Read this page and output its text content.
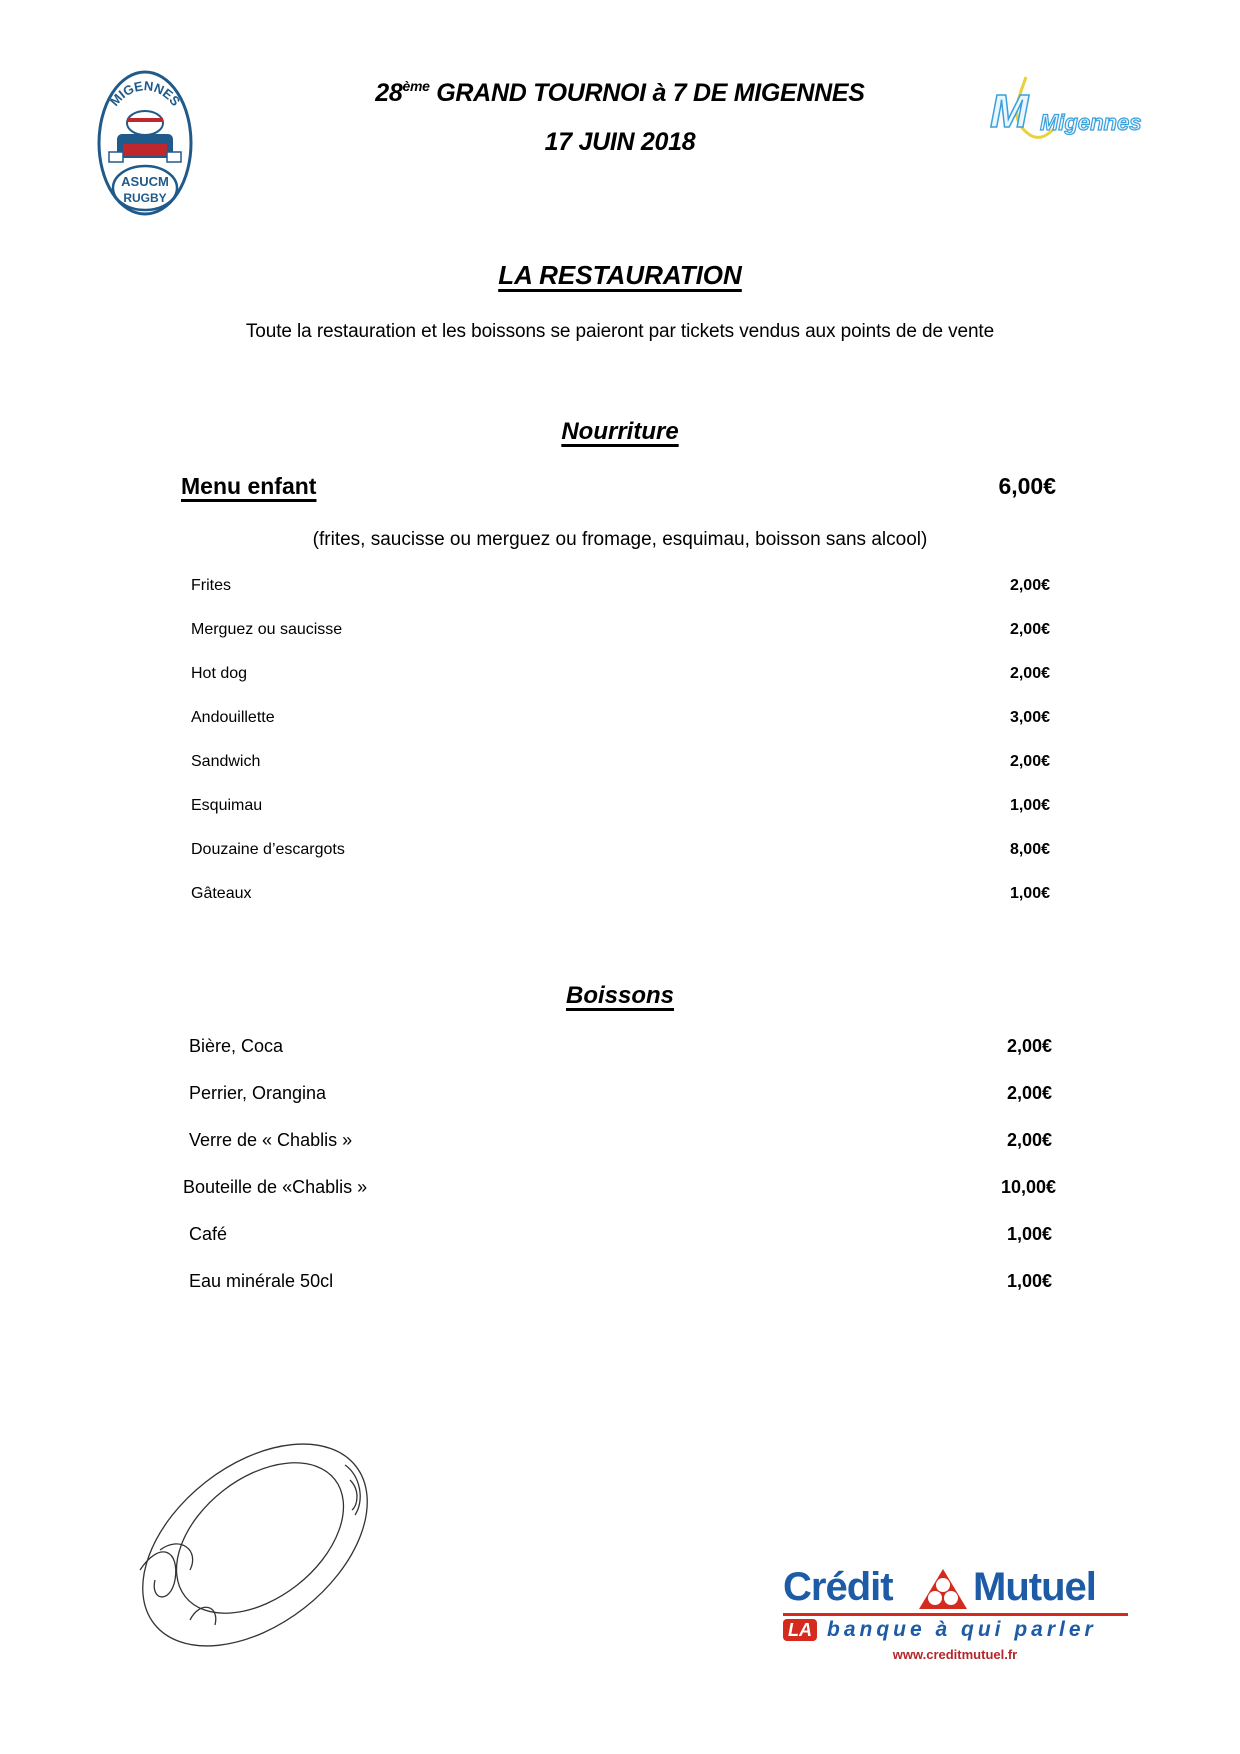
MIGENNES
ASUCM
RUGBY
28ème GRAND TOURNOI à 7 DE MIGENNES
17 JUIN 2018
M Migennes
LA RESTAURATION
Toute la restauration et les boissons se paieront par tickets vendus aux points de de vente
Nourriture
Menu enfant	6,00€
(frites, saucisse ou merguez ou fromage, esquimau, boisson sans alcool)
Frites	2,00€
Merguez ou saucisse	2,00€
Hot dog	2,00€
Andouillette	3,00€
Sandwich	2,00€
Esquimau	1,00€
Douzaine d’escargots	8,00€
Gâteaux	1,00€
Boissons
Bière, Coca	2,00€
Perrier, Orangina	2,00€
Verre de « Chablis »	2,00€
Bouteille de «Chablis »	10,00€
Café	1,00€
Eau minérale 50cl	1,00€
Crédit Mutuel
LA banque à qui parler
www.creditmutuel.fr
